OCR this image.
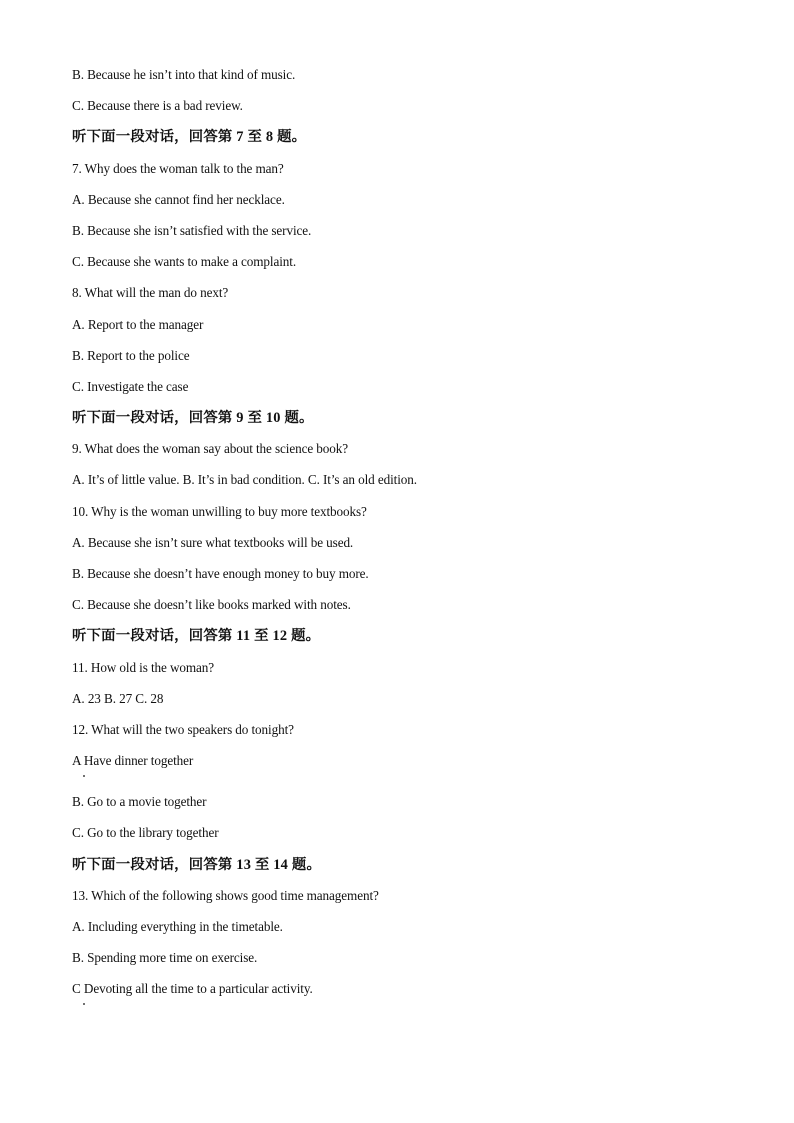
B. Because he isn’t into that kind of music.
C. Because there is a bad review.
听下面一段对话，回答第 7 至 8 题。
7. Why does the woman talk to the man?
A. Because she cannot find her necklace.
B. Because she isn’t satisfied with the service.
C. Because she wants to make a complaint.
8. What will the man do next?
A. Report to the manager
B. Report to the police
C. Investigate the case
听下面一段对话，回答第 9 至 10 题。
9. What does the woman say about the science book?
A. It’s of little value. B. It’s in bad condition. C. It’s an old edition.
10. Why is the woman unwilling to buy more textbooks?
A. Because she isn’t sure what textbooks will be used.
B. Because she doesn’t have enough money to buy more.
C. Because she doesn’t like books marked with notes.
听下面一段对话，回答第 11 至 12 题。
11. How old is the woman?
A. 23 B. 27 C. 28
12. What will the two speakers do tonight?
A Have dinner together
B. Go to a movie together
C. Go to the library together
听下面一段对话，回答第 13 至 14 题。
13. Which of the following shows good time management?
A. Including everything in the timetable.
B. Spending more time on exercise.
C Devoting all the time to a particular activity.
